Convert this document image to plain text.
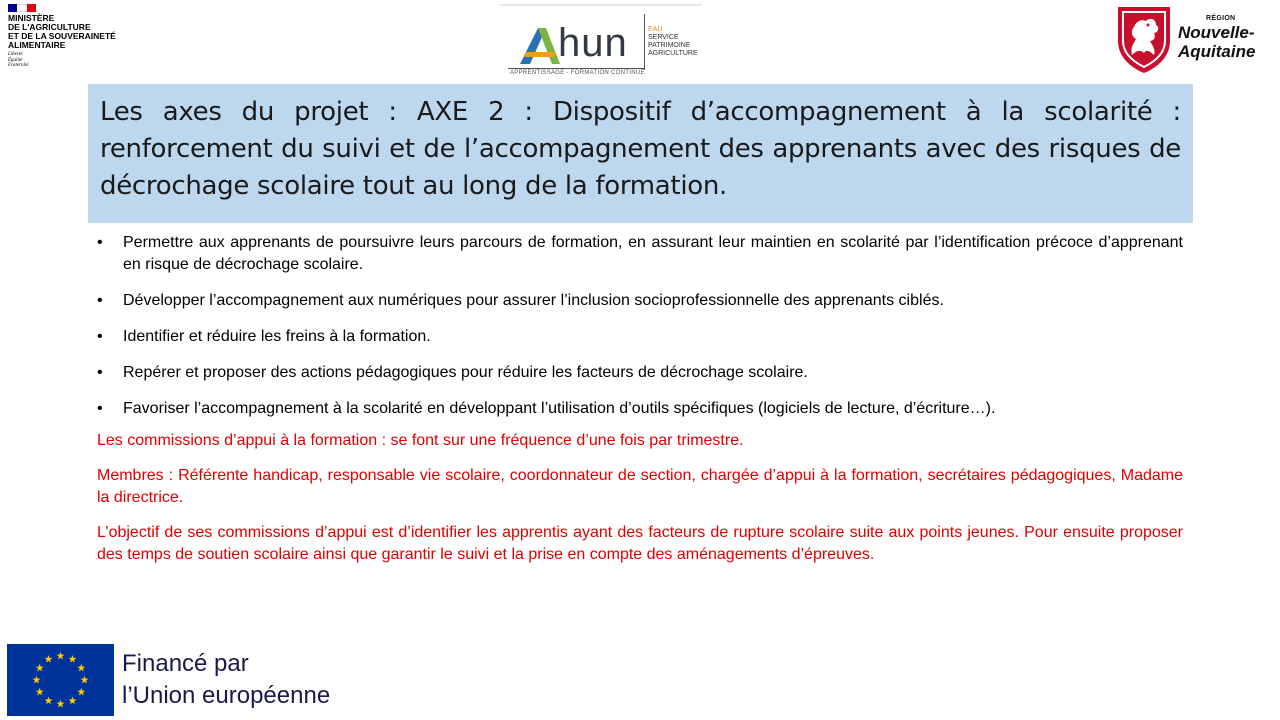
MINISTÈRE
DE L'AGRICULTURE
ET DE LA SOUVERAINETÉ
ALIMENTAIRE
Liberté
Égalité
Fraternité
hun	EAU
SERVICE
PATRIMOINE
AGRICULTURE
APPRENTISSAGE - FORMATION CONTINUE
RÉGION
Nouvelle-
Aquitaine

Les axes du projet : AXE 2 : Dispositif d’accompagnement à la scolarité : renforcement du suivi et de l’accompagnement des apprenants avec des risques de décrochage scolaire tout au long de la formation.

• Permettre aux apprenants de poursuivre leurs parcours de formation, en assurant leur maintien en scolarité par l’identification précoce d’apprenant en risque de décrochage scolaire.
• Développer l’accompagnement aux numériques pour assurer l’inclusion socioprofessionnelle des apprenants ciblés.
• Identifier et réduire les freins à la formation.
• Repérer et proposer des actions pédagogiques pour réduire les facteurs de décrochage scolaire.
• Favoriser l’accompagnement à la scolarité en développant l’utilisation d’outils spécifiques (logiciels de lecture, d’écriture…).

Les commissions d’appui à la formation : se font sur une fréquence d’une fois par trimestre.

Membres : Référente handicap, responsable vie scolaire, coordonnateur de section, chargée d’appui à la formation, secrétaires pédagogiques, Madame la directrice.

L’objectif de ses commissions d’appui est d’identifier les apprentis ayant des facteurs de rupture scolaire suite aux points jeunes. Pour ensuite proposer des temps de soutien scolaire ainsi que garantir le suivi et la prise en compte des aménagements d’épreuves.

Financé par
l’Union européenne
